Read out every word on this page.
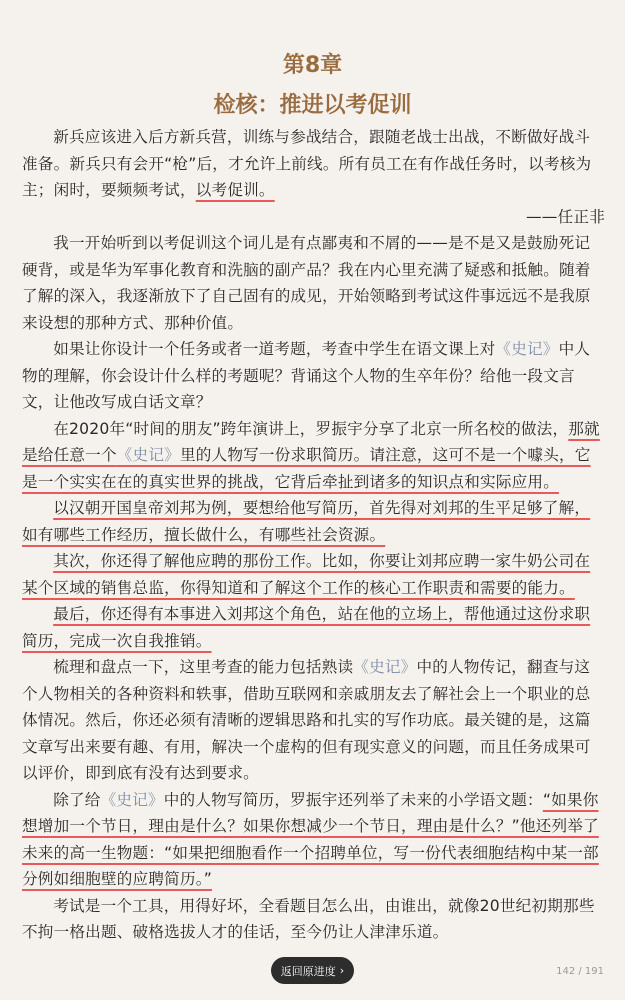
第8章
检核：推进以考促训

新兵应该进入后方新兵营，训练与参战结合，跟随老战士出战，不断做好战斗准备。新兵只有会开“枪”后，才允许上前线。所有员工在有作战任务时，以考核为主；闲时，要频频考试，以考促训。

——任正非

我一开始听到以考促训这个词儿是有点鄙夷和不屑的——是不是又是鼓励死记硬背，或是华为军事化教育和洗脑的副产品？我在内心里充满了疑惑和抵触。随着了解的深入，我逐渐放下了自己固有的成见，开始领略到考试这件事远远不是我原来设想的那种方式、那种价值。

如果让你设计一个任务或者一道考题，考查中学生在语文课上对《史记》中人物的理解，你会设计什么样的考题呢？背诵这个人物的生卒年份？给他一段文言文，让他改写成白话文章？

在2020年“时间的朋友”跨年演讲上，罗振宇分享了北京一所名校的做法，那就是给任意一个《史记》里的人物写一份求职简历。请注意，这可不是一个噱头，它是一个实实在在的真实世界的挑战，它背后牵扯到诸多的知识点和实际应用。

以汉朝开国皇帝刘邦为例，要想给他写简历，首先得对刘邦的生平足够了解，如有哪些工作经历，擅长做什么，有哪些社会资源。

其次，你还得了解他应聘的那份工作。比如，你要让刘邦应聘一家牛奶公司在某个区域的销售总监，你得知道和了解这个工作的核心工作职责和需要的能力。

最后，你还得有本事进入刘邦这个角色，站在他的立场上，帮他通过这份求职简历，完成一次自我推销。

梳理和盘点一下，这里考查的能力包括熟读《史记》中的人物传记，翻查与这个人物相关的各种资料和轶事，借助互联网和亲戚朋友去了解社会上一个职业的总体情况。然后，你还必须有清晰的逻辑思路和扎实的写作功底。最关键的是，这篇文章写出来要有趣、有用，解决一个虚构的但有现实意义的问题，而且任务成果可以评价，即到底有没有达到要求。

除了给《史记》中的人物写简历，罗振宇还列举了未来的小学语文题：“如果你想增加一个节日，理由是什么？如果你想减少一个节日，理由是什么？”他还列举了未来的高一生物题：“如果把细胞看作一个招聘单位，写一份代表细胞结构中某一部分例如细胞壁的应聘简历。”

考试是一个工具，用得好坏，全看题目怎么出，由谁出，就像20世纪初期那些不拘一格出题、破格选拔人才的佳话，至今仍让人津津乐道。

返回原进度 ›	142 / 191
